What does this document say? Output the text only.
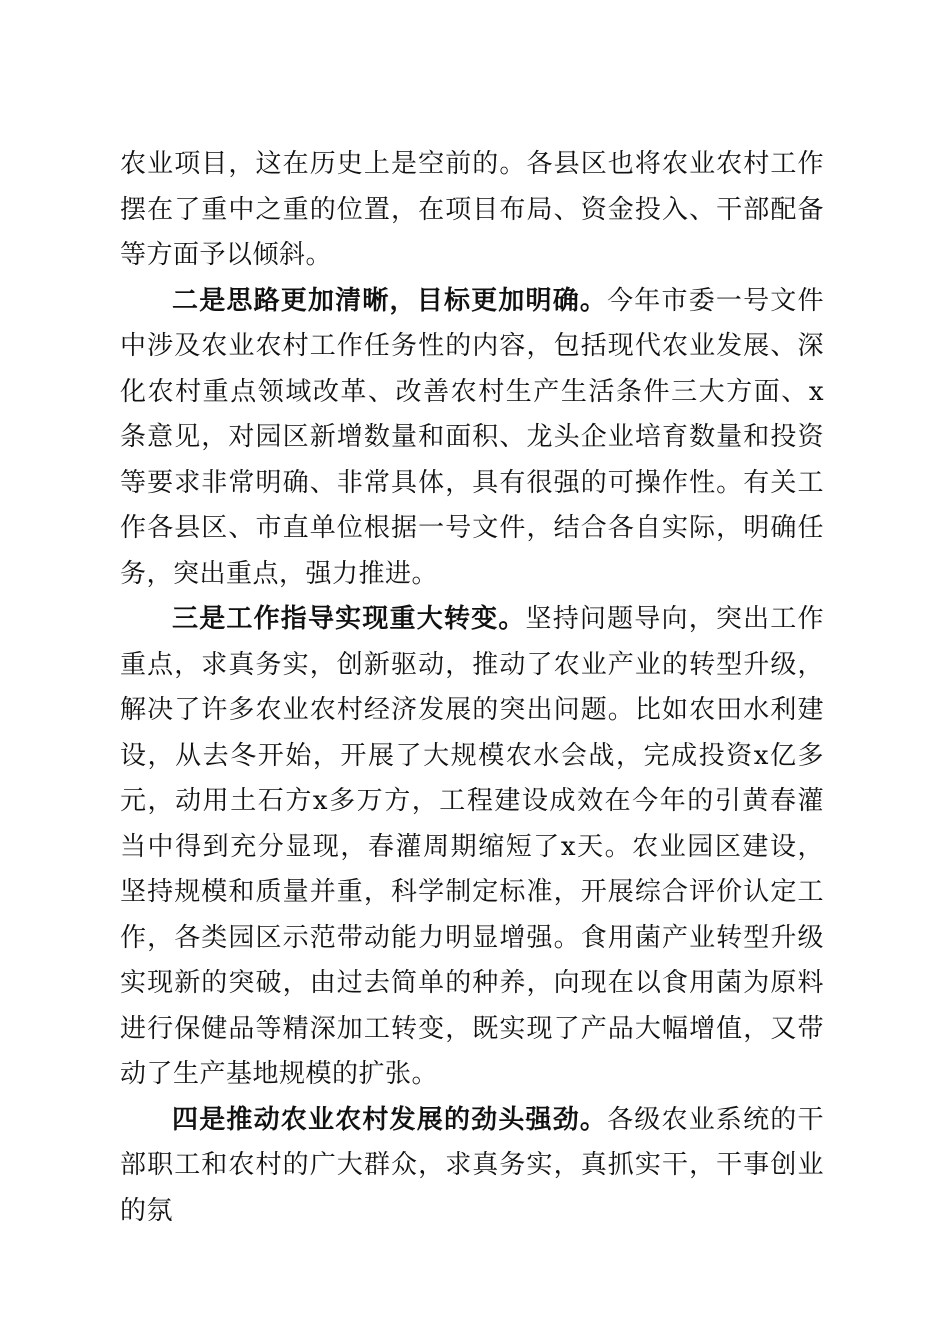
农业项目，这在历史上是空前的。各县区也将农业农村工作摆在了重中之重的位置，在项目布局、资金投入、干部配备等方面予以倾斜。

二是思路更加清晰，目标更加明确。今年市委一号文件中涉及农业农村工作任务性的内容，包括现代农业发展、深化农村重点领域改革、改善农村生产生活条件三大方面、x条意见，对园区新增数量和面积、龙头企业培育数量和投资等要求非常明确、非常具体，具有很强的可操作性。有关工作各县区、市直单位根据一号文件，结合各自实际，明确任务，突出重点，强力推进。

三是工作指导实现重大转变。坚持问题导向，突出工作重点，求真务实，创新驱动，推动了农业产业的转型升级，解决了许多农业农村经济发展的突出问题。比如农田水利建设，从去冬开始，开展了大规模农水会战，完成投资x亿多元，动用土石方x多万方，工程建设成效在今年的引黄春灌当中得到充分显现，春灌周期缩短了x天。农业园区建设，坚持规模和质量并重，科学制定标准，开展综合评价认定工作，各类园区示范带动能力明显增强。食用菌产业转型升级实现新的突破，由过去简单的种养，向现在以食用菌为原料进行保健品等精深加工转变，既实现了产品大幅增值，又带动了生产基地规模的扩张。

四是推动农业农村发展的劲头强劲。各级农业系统的干部职工和农村的广大群众，求真务实，真抓实干，干事创业的氛
